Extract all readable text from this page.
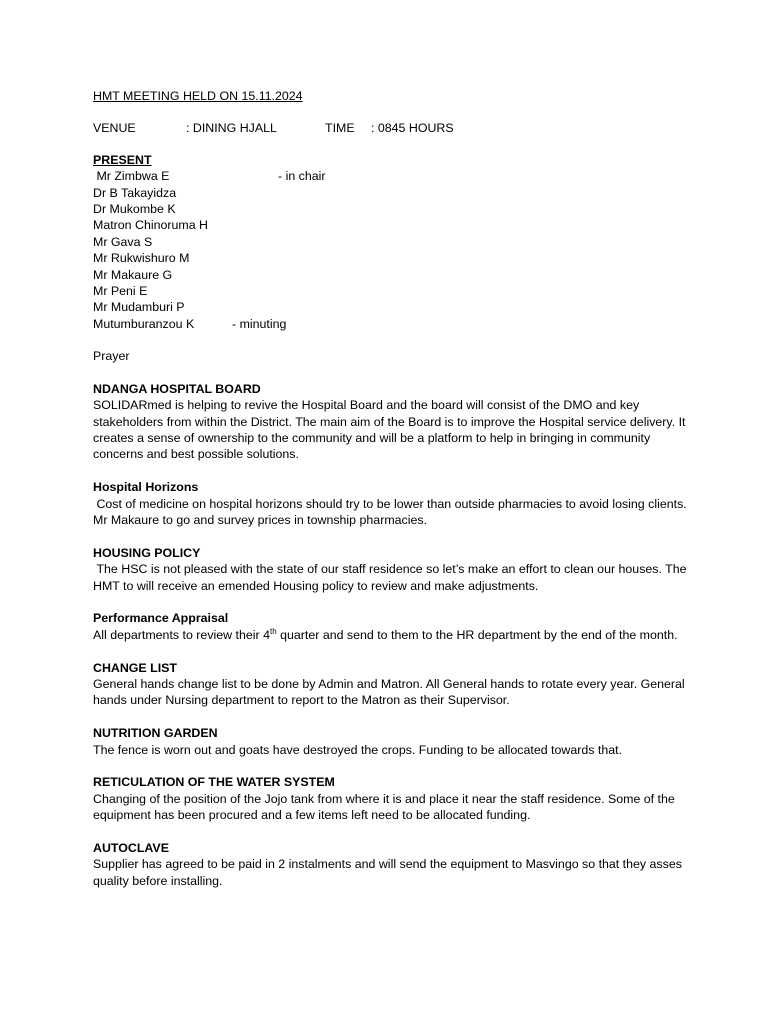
HMT MEETING HELD ON 15.11.2024
VENUE	: DINING HJALL	TIME	: 0845 HOURS
PRESENT
Mr Zimbwa E	- in chair
Dr B Takayidza
Dr Mukombe K
Matron Chinoruma H
Mr Gava S
Mr Rukwishuro M
Mr Makaure G
Mr Peni E
Mr Mudamburi P
Mutumburanzou K	- minuting
Prayer
NDANGA HOSPITAL BOARD
SOLIDARmed is helping to revive the Hospital Board and the board will consist of the DMO and key stakeholders from within the District. The main aim of the Board is to improve the Hospital service delivery. It creates a sense of ownership to the community and will be a platform to help in bringing in community concerns and best possible solutions.
Hospital Horizons
Cost of medicine on hospital horizons should try to be lower than outside pharmacies to avoid losing clients. Mr Makaure to go and survey prices in township pharmacies.
HOUSING POLICY
The HSC is not pleased with the state of our staff residence so let’s make an effort to clean our houses. The HMT to will receive an emended Housing policy to review and make adjustments.
Performance Appraisal
All departments to review their 4th quarter and send to them to the HR department by the end of the month.
CHANGE LIST
General hands change list to be done by Admin and Matron. All General hands to rotate every year. General hands under Nursing department to report to the Matron as their Supervisor.
NUTRITION GARDEN
The fence is worn out and goats have destroyed the crops. Funding to be allocated towards that.
RETICULATION OF THE WATER SYSTEM
Changing of the position of the Jojo tank from where it is and place it near the staff residence. Some of the equipment has been procured and a few items left need to be allocated funding.
AUTOCLAVE
Supplier has agreed to be paid in 2 instalments and will send the equipment to Masvingo so that they asses quality before installing.
